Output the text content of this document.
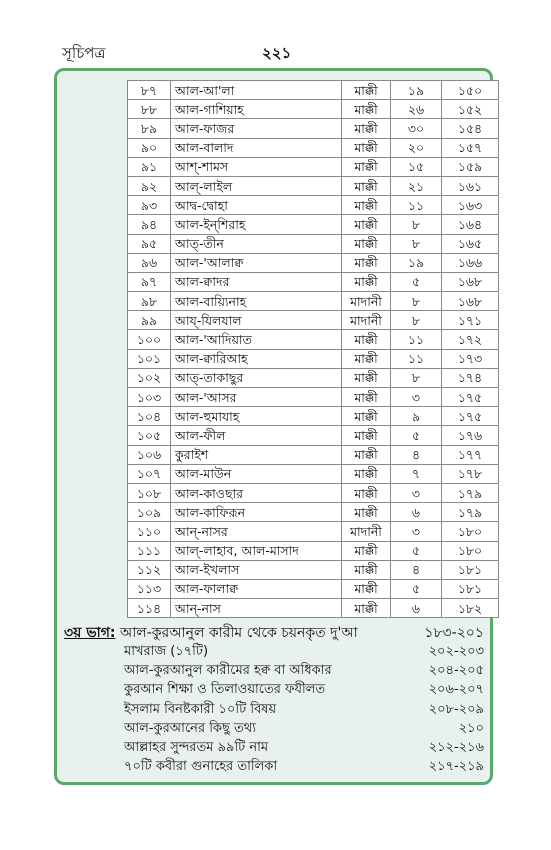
সূচিপত্র	২২১
৮৭	আল-আ'লা	মাক্কী	১৯	১৫০
৮৮	আল-গাশিয়াহ	মাক্কী	২৬	১৫২
৮৯	আল-ফাজর	মাক্কী	৩০	১৫৪
৯০	আল-বালাদ	মাক্কী	২০	১৫৭
৯১	আশ্-শামস	মাক্কী	১৫	১৫৯
৯২	আল্-লাইল	মাক্কী	২১	১৬১
৯৩	আদ্ব-দ্বোহা	মাক্কী	১১	১৬৩
৯৪	আল-ইন্‌শিরাহ	মাক্কী	৮	১৬৪
৯৫	আত্-তীন	মাক্কী	৮	১৬৫
৯৬	আল-'আলাক্ব	মাক্কী	১৯	১৬৬
৯৭	আল-ক্বাদর	মাক্কী	৫	১৬৮
৯৮	আল-বায়্যিনাহ	মাদানী	৮	১৬৮
৯৯	আয্-যিলযাল	মাদানী	৮	১৭১
১০০	আল-'আদিয়াত	মাক্কী	১১	১৭২
১০১	আল-ক্বারিআহ	মাক্কী	১১	১৭৩
১০২	আত্-তাকাছুর	মাক্কী	৮	১৭৪
১০৩	আল-'আসর	মাক্কী	৩	১৭৫
১০৪	আল-হুমাযাহ	মাক্কী	৯	১৭৫
১০৫	আল-ফীল	মাক্কী	৫	১৭৬
১০৬	কুরাইশ	মাক্কী	৪	১৭৭
১০৭	আল-মাউন	মাক্কী	৭	১৭৮
১০৮	আল-কাওছার	মাক্কী	৩	১৭৯
১০৯	আল-কাফিরূন	মাক্কী	৬	১৭৯
১১০	আন্-নাসর	মাদানী	৩	১৮০
১১১	আল্-লাহাব, আল-মাসাদ	মাক্কী	৫	১৮০
১১২	আল-ইখলাস	মাক্কী	৪	১৮১
১১৩	আল-ফালাক্ব	মাক্কী	৫	১৮১
১১৪	আন্-নাস	মাক্কী	৬	১৮২
৩য় ভাগ: আল-কুরআনুল কারীম থেকে চয়নকৃত দু'আ	১৮৩-২০১
মাখরাজ (১৭টি)	২০২-২০৩
আল-কুরআনুল কারীমের হক্ব বা অধিকার	২০৪-২০৫
কুরআন শিক্ষা ও তিলাওয়াতের ফযীলত	২০৬-২০৭
ইসলাম বিনষ্টকারী ১০টি বিষয়	২০৮-২০৯
আল-কুরআনের কিছু তথ্য	২১০
আল্লাহর সুন্দরতম ৯৯টি নাম	২১২-২১৬
৭০টি কবীরা গুনাহের তালিকা	২১৭-২১৯
